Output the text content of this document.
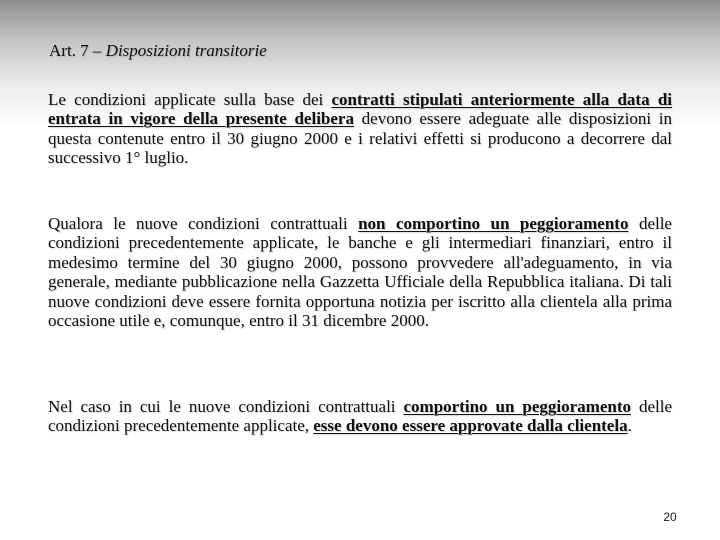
Art. 7 – Disposizioni transitorie

Le condizioni applicate sulla base dei contratti stipulati anteriormente alla data di entrata in vigore della presente delibera devono essere adeguate alle disposizioni in questa contenute entro il 30 giugno 2000 e i relativi effetti si producono a decorrere dal successivo 1° luglio.

Qualora le nuove condizioni contrattuali non comportino un peggioramento delle condizioni precedentemente applicate, le banche e gli intermediari finanziari, entro il medesimo termine del 30 giugno 2000, possono provvedere all'adeguamento, in via generale, mediante pubblicazione nella Gazzetta Ufficiale della Repubblica italiana. Di tali nuove condizioni deve essere fornita opportuna notizia per iscritto alla clientela alla prima occasione utile e, comunque, entro il 31 dicembre 2000.

Nel caso in cui le nuove condizioni contrattuali comportino un peggioramento delle condizioni precedentemente applicate, esse devono essere approvate dalla clientela.

20
